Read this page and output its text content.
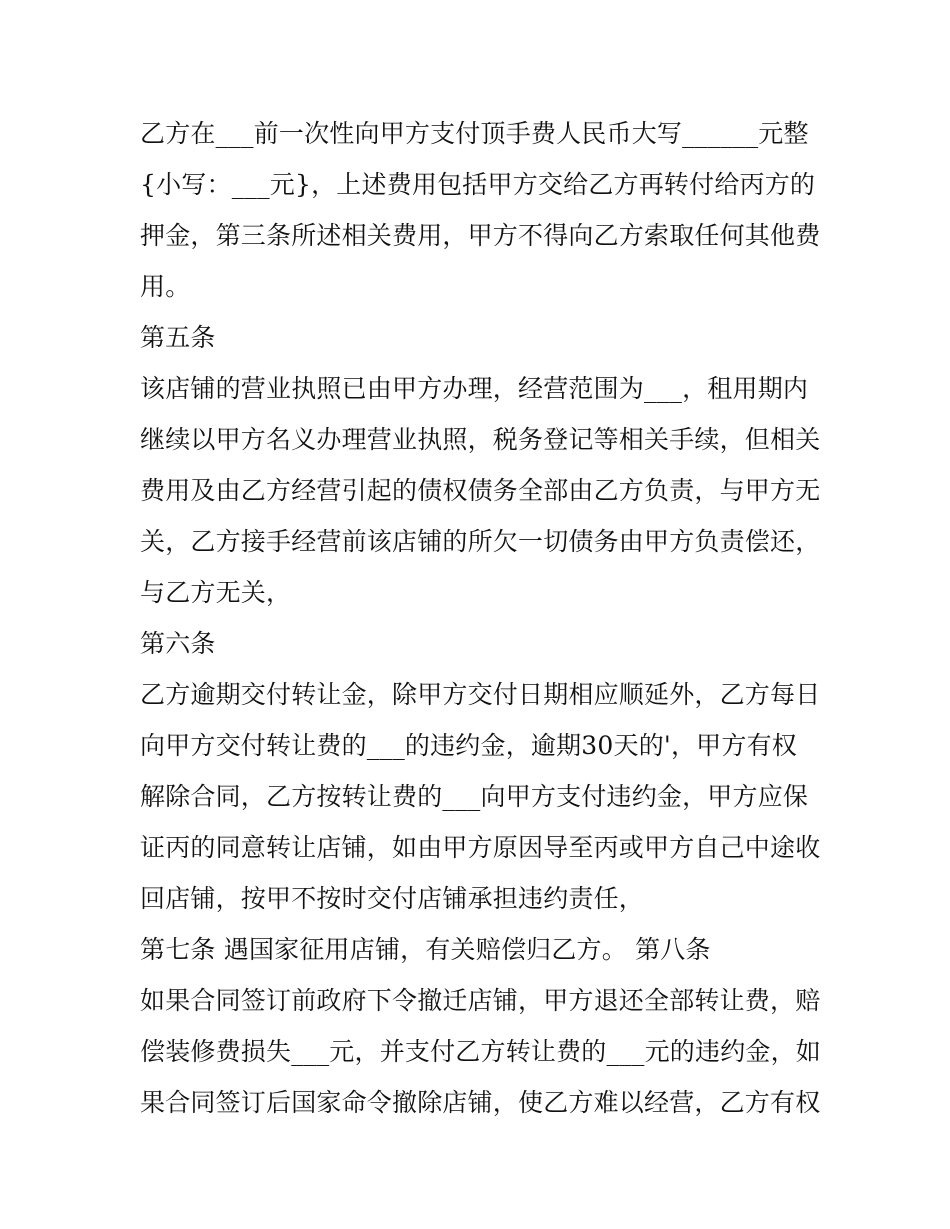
乙方在___前一次性向甲方支付顶手费人民币大写______元整
{小写：___元}，上述费用包括甲方交给乙方再转付给丙方的
押金，第三条所述相关费用，甲方不得向乙方索取任何其他费
用。
第五条
该店铺的营业执照已由甲方办理，经营范围为___，租用期内
继续以甲方名义办理营业执照，税务登记等相关手续，但相关
费用及由乙方经营引起的债权债务全部由乙方负责，与甲方无
关，乙方接手经营前该店铺的所欠一切债务由甲方负责偿还，
与乙方无关，
第六条
乙方逾期交付转让金，除甲方交付日期相应顺延外，乙方每日
向甲方交付转让费的___的违约金，逾期30天的'，甲方有权
解除合同，乙方按转让费的___向甲方支付违约金，甲方应保
证丙的同意转让店铺，如由甲方原因导至丙或甲方自己中途收
回店铺，按甲不按时交付店铺承担违约责任，
第七条 遇国家征用店铺，有关赔偿归乙方。 第八条
如果合同签订前政府下令撤迁店铺，甲方退还全部转让费，赔
偿装修费损失___元，并支付乙方转让费的___元的违约金，如
果合同签订后国家命令撤除店铺，使乙方难以经营，乙方有权
